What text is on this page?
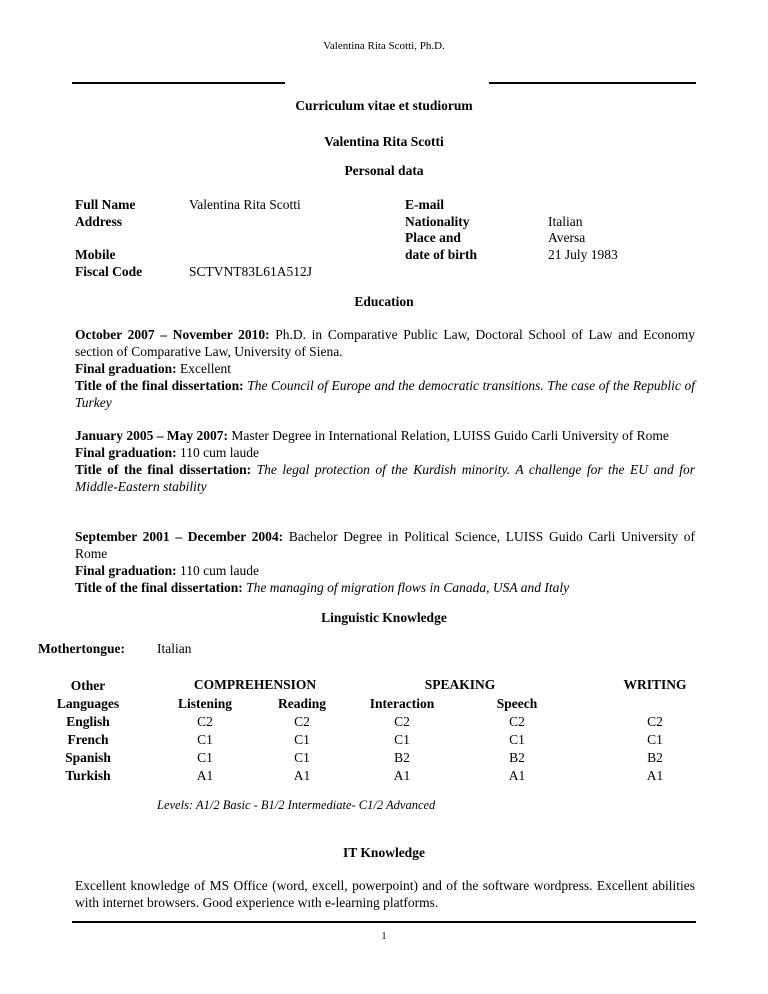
Valentina Rita Scotti, Ph.D.
Curriculum vitae et studiorum
Valentina Rita Scotti
Personal data
Full Name
Address
Mobile
Fiscal Code
Valentina Rita Scotti
SCTVNT83L61A512J
E-mail
Nationality
Place and
date of birth
Italian
Aversa
21 July 1983
Education
October 2007 – November 2010: Ph.D. in Comparative Public Law, Doctoral School of Law and Economy section of Comparative Law, University of Siena.
Final graduation: Excellent
Title of the final dissertation: The Council of Europe and the democratic transitions. The case of the Republic of Turkey
January 2005 – May 2007: Master Degree in International Relation, LUISS Guido Carli University of Rome
Final graduation: 110 cum laude
Title of the final dissertation: The legal protection of the Kurdish minority. A challenge for the EU and for Middle-Eastern stability
September 2001 – December 2004: Bachelor Degree in Political Science, LUISS Guido Carli University of Rome
Final graduation: 110 cum laude
Title of the final dissertation: The managing of migration flows in Canada, USA and Italy
Linguistic Knowledge
Mothertongue: Italian
Other
Languages
English
French
Spanish
Turkish
COMPREHENSION	SPEAKING	WRITING
Listening
C2
C1
C1
A1
Reading
C2
C1
C1
A1
Interaction
C2
C1
B2
A1
Speech
C2
C1
B2
A1
C2
C1
B2
A1
Levels: A1/2 Basic - B1/2 Intermediate- C1/2 Advanced
IT Knowledge
Excellent knowledge of MS Office (word, excell, powerpoint) and of the software wordpress. Excellent abilities with internet browsers. Good experience wıth e-learning platforms.
1
